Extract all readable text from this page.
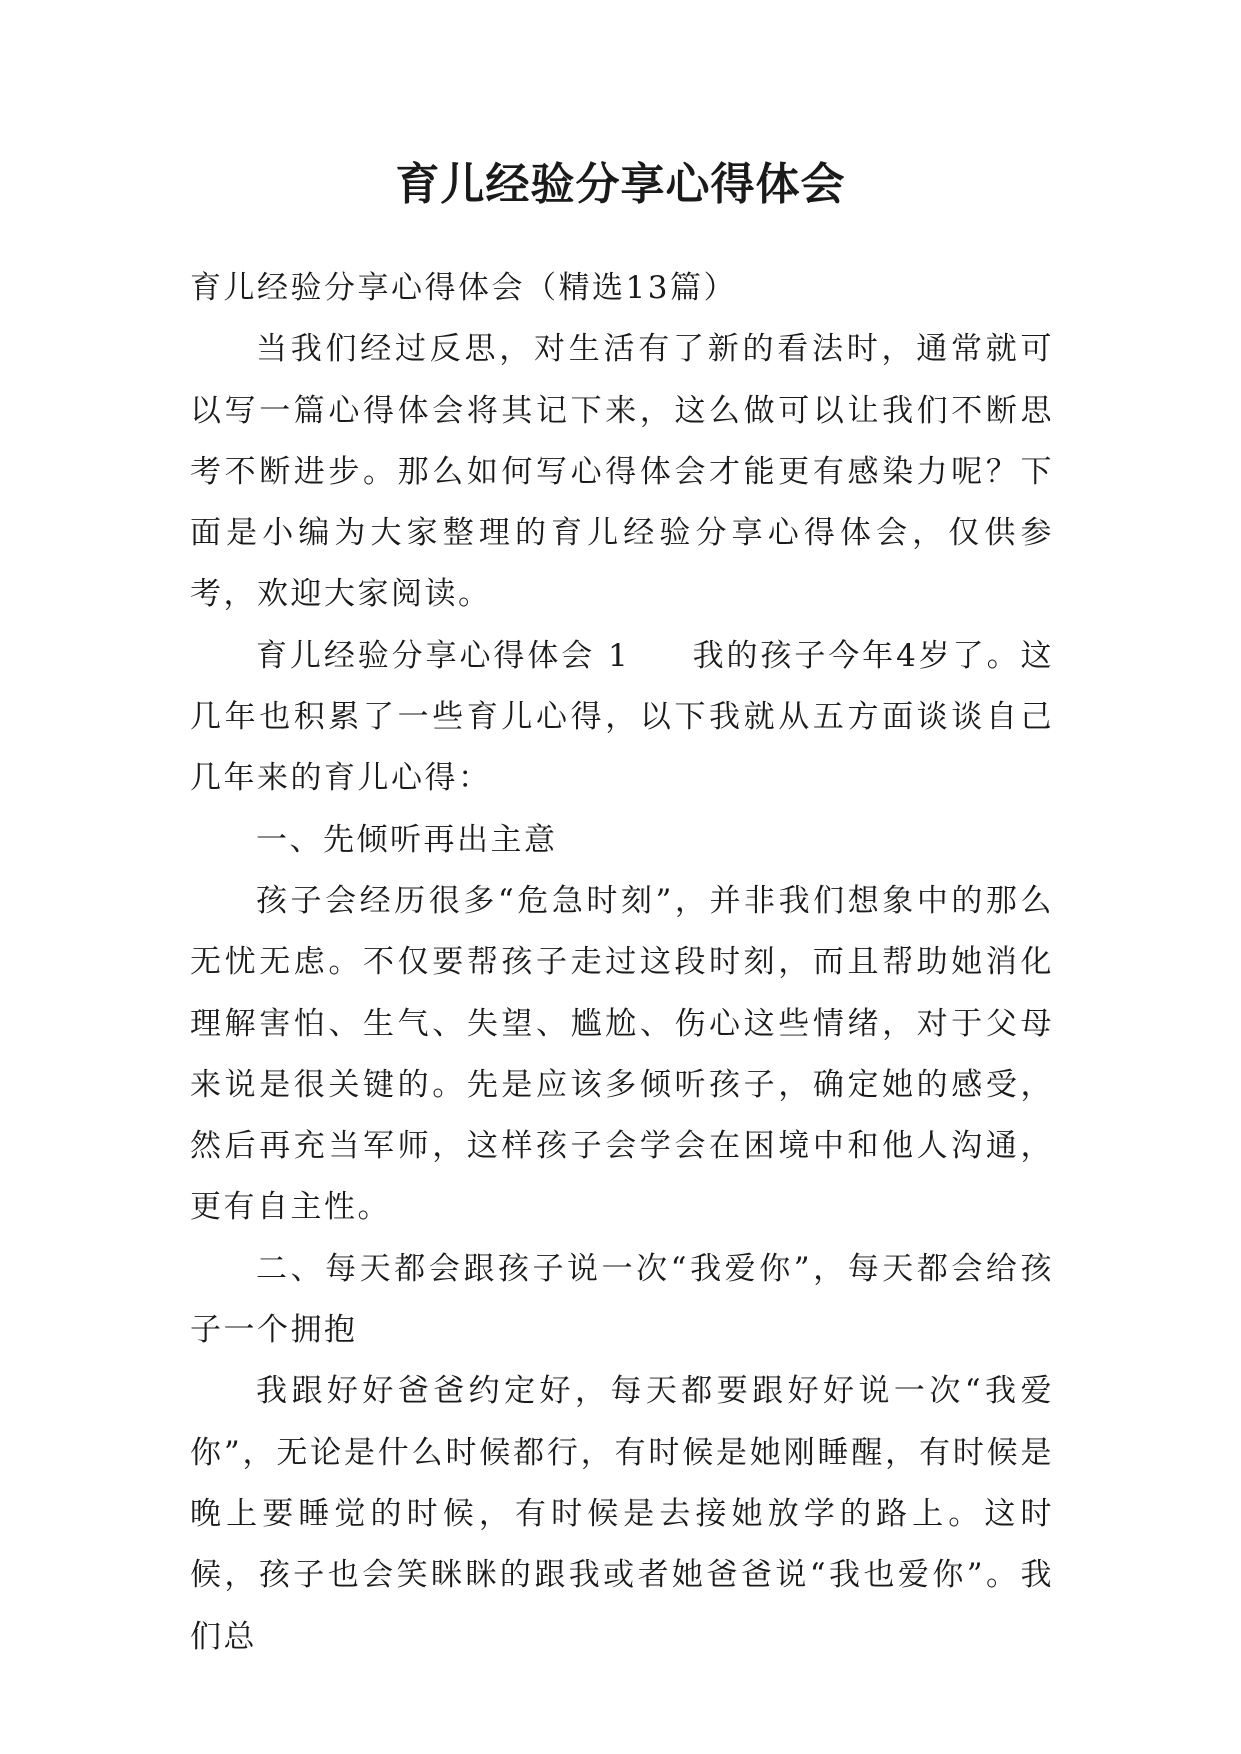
育儿经验分享心得体会

育儿经验分享心得体会（精选13篇）

当我们经过反思，对生活有了新的看法时，通常就可以写一篇心得体会将其记下来，这么做可以让我们不断思考不断进步。那么如何写心得体会才能更有感染力呢？下面是小编为大家整理的育儿经验分享心得体会，仅供参考，欢迎大家阅读。

育儿经验分享心得体会 1 我的孩子今年4岁了。这几年也积累了一些育儿心得，以下我就从五方面谈谈自己几年来的育儿心得：

一、先倾听再出主意

孩子会经历很多“危急时刻”，并非我们想象中的那么无忧无虑。不仅要帮孩子走过这段时刻，而且帮助她消化理解害怕、生气、失望、尴尬、伤心这些情绪，对于父母来说是很关键的。先是应该多倾听孩子，确定她的感受，然后再充当军师，这样孩子会学会在困境中和他人沟通，更有自主性。

二、每天都会跟孩子说一次“我爱你”，每天都会给孩子一个拥抱

我跟好好爸爸约定好，每天都要跟好好说一次“我爱你”，无论是什么时候都行，有时候是她刚睡醒，有时候是晚上要睡觉的时候，有时候是去接她放学的路上。这时候，孩子也会笑眯眯的跟我或者她爸爸说“我也爱你”。我们总
